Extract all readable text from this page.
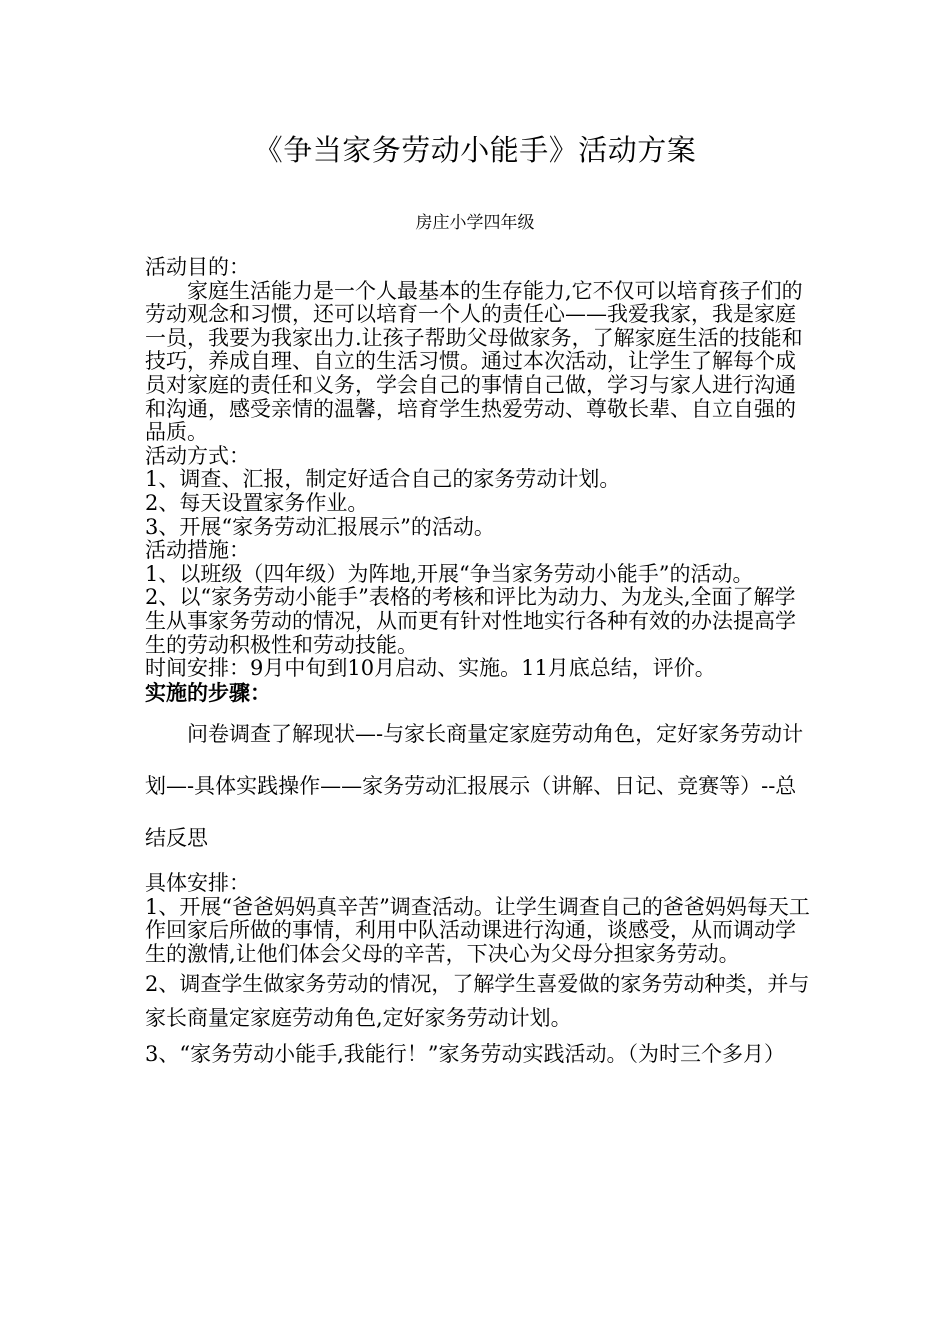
《争当家务劳动小能手》活动方案
房庄小学四年级

活动目的：

家庭生活能力是一个人最基本的生存能力,它不仅可以培育孩子们的劳动观念和习惯，还可以培育一个人的责任心——我爱我家，我是家庭一员，我要为我家出力.让孩子帮助父母做家务，了解家庭生活的技能和技巧，养成自理、自立的生活习惯。通过本次活动，让学生了解每个成员对家庭的责任和义务，学会自己的事情自己做，学习与家人进行沟通和沟通，感受亲情的温馨，培育学生热爱劳动、尊敬长辈、自立自强的品质。

活动方式：

1、调查、汇报，制定好适合自己的家务劳动计划。

2、每天设置家务作业。

3、开展“家务劳动汇报展示”的活动。

活动措施：

1、以班级（四年级）为阵地,开展“争当家务劳动小能手”的活动。

2、以“家务劳动小能手”表格的考核和评比为动力、为龙头,全面了解学生从事家务劳动的情况，从而更有针对性地实行各种有效的办法提高学生的劳动积极性和劳动技能。

时间安排：9月中旬到10月启动、实施。11月底总结，评价。

实施的步骤：

问卷调查了解现状—-与家长商量定家庭劳动角色，定好家务劳动计划—-具体实践操作——家务劳动汇报展示（讲解、日记、竞赛等）--总结反思

具体安排：

1、开展“爸爸妈妈真辛苦”调查活动。让学生调查自己的爸爸妈妈每天工作回家后所做的事情，利用中队活动课进行沟通，谈感受，从而调动学生的激情,让他们体会父母的辛苦，下决心为父母分担家务劳动。

2、调查学生做家务劳动的情况，了解学生喜爱做的家务劳动种类，并与家长商量定家庭劳动角色,定好家务劳动计划。

3、“家务劳动小能手,我能行！”家务劳动实践活动。（为时三个多月）
